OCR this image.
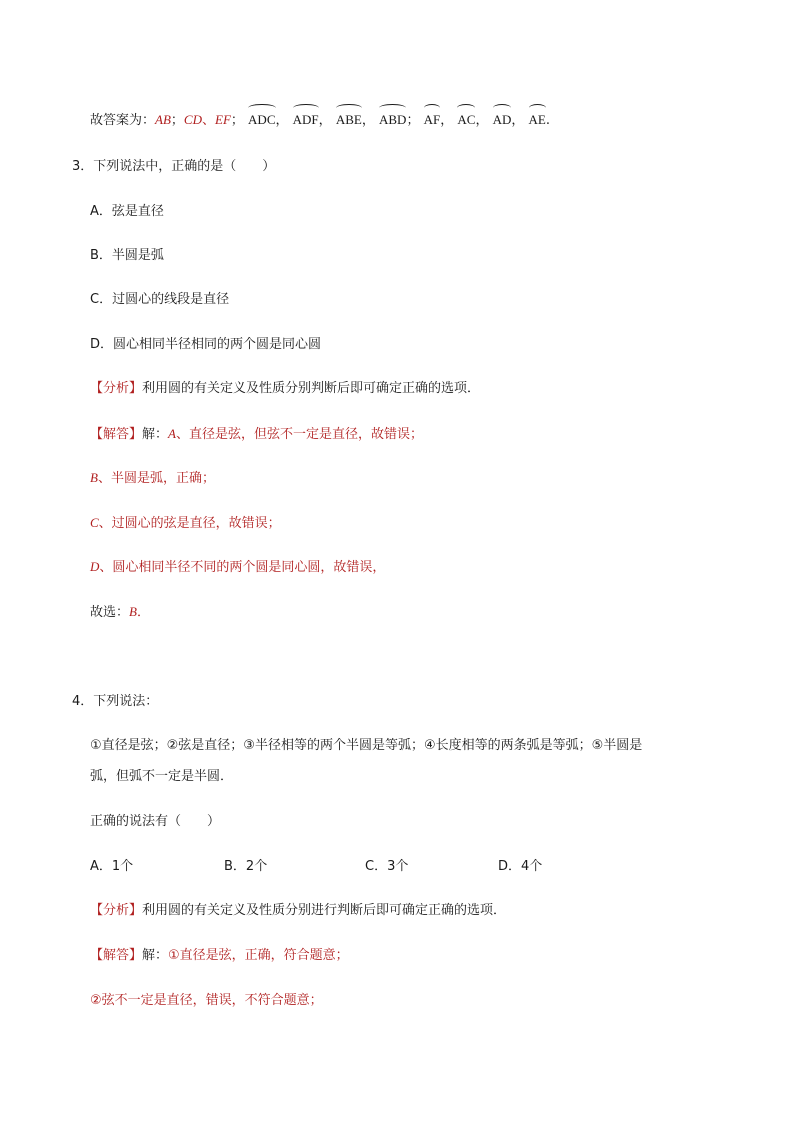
故答案为：AB；CD、EF； ADC， ADF， ABE， ABD； AF， AC， AD， AE.
3．下列说法中，正确的是（　　）
A．弦是直径
B．半圆是弧
C．过圆心的线段是直径
D．圆心相同半径相同的两个圆是同心圆
【分析】利用圆的有关定义及性质分别判断后即可确定正确的选项．
【解答】解：A、直径是弦，但弦不一定是直径，故错误；
B、半圆是弧，正确；
C、过圆心的弦是直径，故错误；
D、圆心相同半径不同的两个圆是同心圆，故错误，
故选：B．
4．下列说法：
①直径是弦；②弦是直径；③半径相等的两个半圆是等弧；④长度相等的两条弧是等弧；⑤半圆是
弧，但弧不一定是半圆．
正确的说法有（　　）
A．1个	B．2个	C．3个	D．4个
【分析】利用圆的有关定义及性质分别进行判断后即可确定正确的选项．
【解答】解：①直径是弦，正确，符合题意；
②弦不一定是直径，错误，不符合题意；
